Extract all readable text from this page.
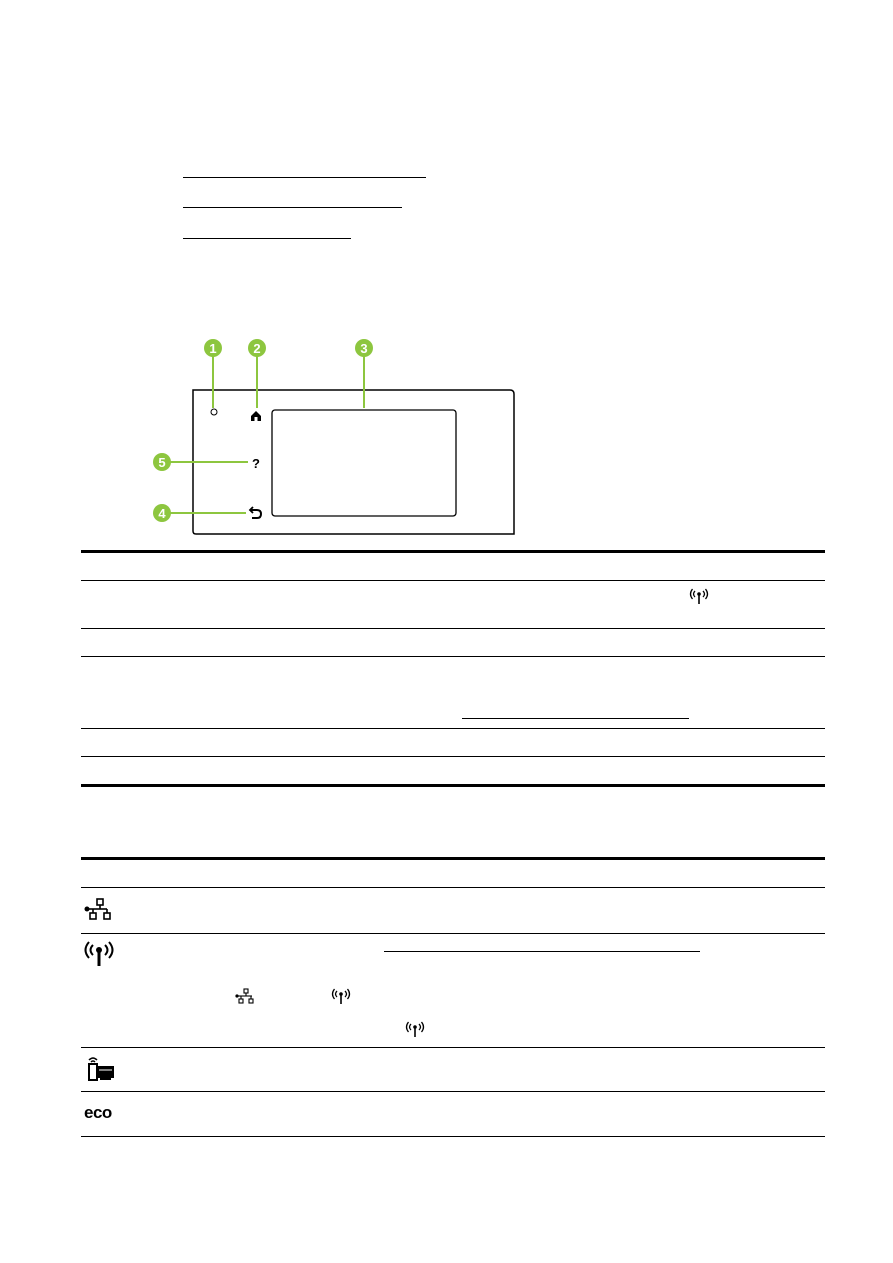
?
1	2	3
5
4
eco
